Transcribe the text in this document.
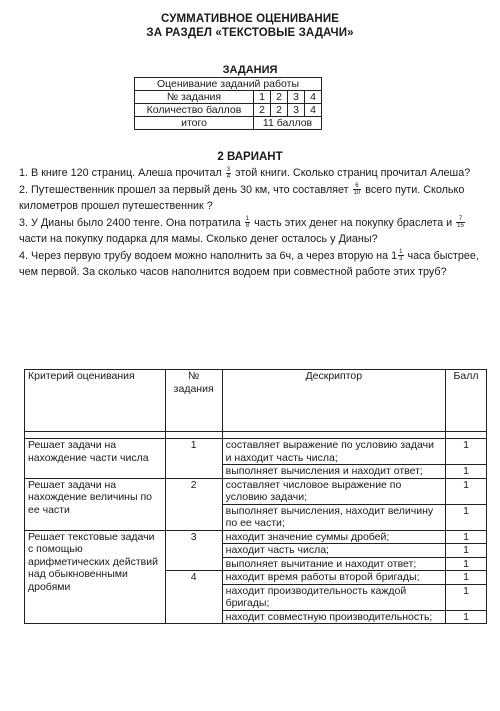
СУММАТИВНОЕ ОЦЕНИВАНИЕ
ЗА РАЗДЕЛ «ТЕКСТОВЫЕ ЗАДАЧИ»
ЗАДАНИЯ
Оценивание заданий работы				
№ задания	1	2	3	4
Количество баллов	2	2	3	4
итого	11 баллов			
2 ВАРИАНТ

1. В книге 120 страниц. Алеша прочитал $\frac{3}{4}$ этой книги. Сколько страниц прочитал Алеша?

2. Путешественник прошел за первый день 30 км, что составляет $\frac{6}{10}$ всего пути. Сколько километров прошел путешественник ?

3. У Дианы было 2400 тенге. Она потратила $\frac{1}{8}$ часть этих денег на покупку браслета и $\frac{7}{15}$
части на покупку подарка для мамы. Сколько денег осталось у Дианы?

4. Через первую трубу водоем можно наполнить за 6ч, а через вторую на $1 \frac{1}{3}$ часа быстрее, чем первой. За сколько часов наполнится водоем при совместной работе этих труб?

Критерий оценивания	№ задания	Дескриптор	Балл

Решает задачи на нахождение части числа	1	составляет выражение по условию задачи и находит часть числа;	1
		выполняет вычисления и находит ответ;	1
Решает задачи на нахождение величины по ее части	2	составляет числовое выражение по условию задачи;	1
		выполняет вычисления, находит величину по ее части;	1
Решает текстовые задачи с помощью арифметических действий над обыкновенными дробями	3	находит значение суммы дробей;	1
		находит часть числа;	1
		выполняет вычитание и находит ответ;	1
	4	находит время работы второй бригады;	1
		находит производительность каждой бригады;	1
		находит совместную производительность;	1
